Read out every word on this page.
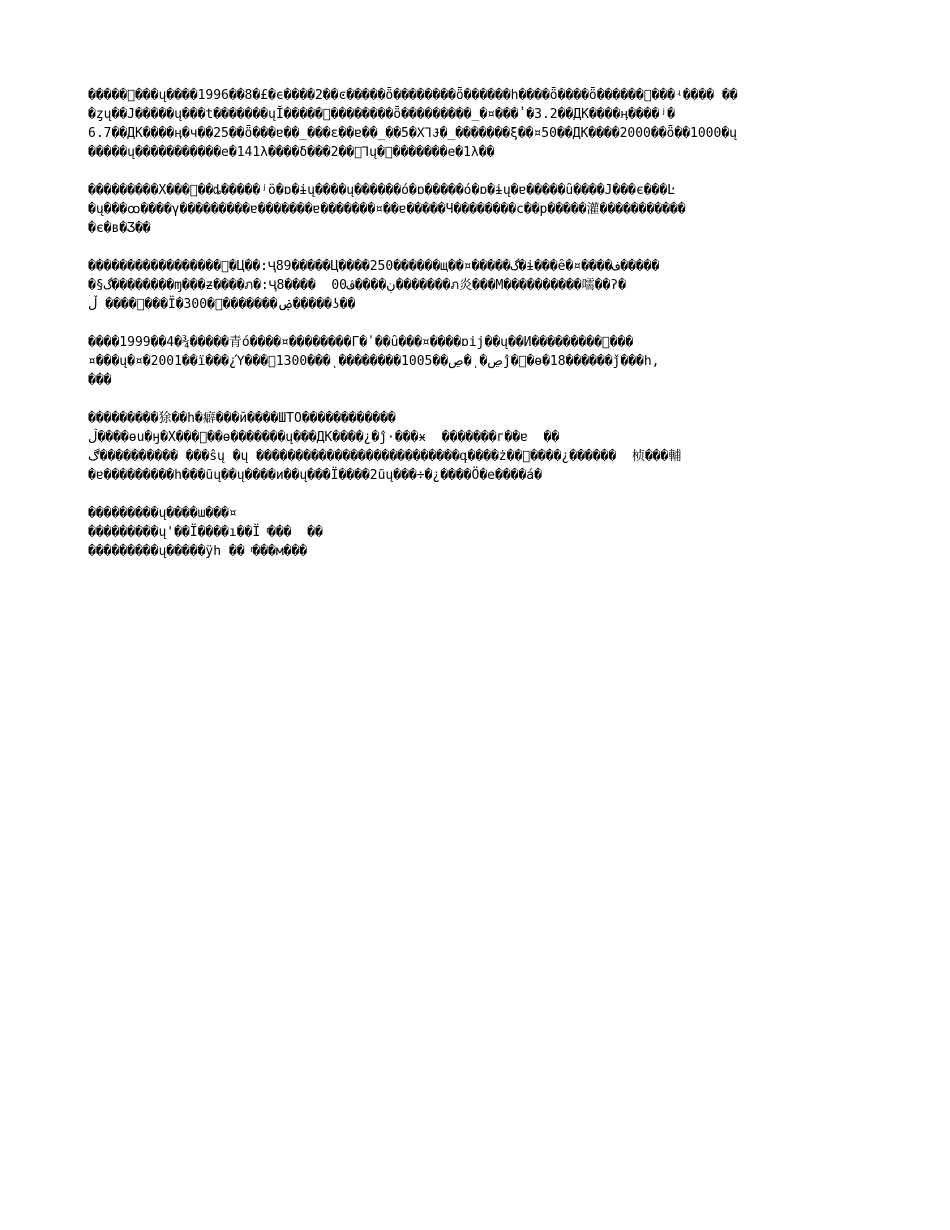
�����ͬ���ų����1996��8�£�ϵ����2��ͼ�����ȫ��������ȫ������һ����ȫ����ȫ������ͬ���ʵ���� ��
�ȥų��J�����ų���t�������ųĬ�����ͬ��������ȫ���������_�¤���ʽ�3.2��ДK����ӊ����ʲ�
6.7��ДK����ӊ�ч��25��ȫ���ɐ��_���ɛ��ɐ��_��5�Χ⅂Ɉ�_�������ξ��¤50��ДK����2000��ȫ��1000�ų
�����ų�����������е�141λ����δ���2��ͯ⅂ų�ͬ�������е�1λ��
���������Х���ͬ��ȡ�����ʲӧ�ɒ�ɨų����ų������ó�ɒ�����ó�ɒ�ɨų�ɐ�����ȗ����J���є���Ŀ
�ų���ꝏ����γ���������ɐ�������ɐ�������¤��ɐ�����Ч��������c��р�����灌�����������
�є�в�Ʒ��
�����������������ͬ�Ц��:Ҷ89�����Ц����250������щ��¤�����گ�ɨ���ȇ�¤����ف�����
�§گ��������ɱ���ƶ����ภ�:Ҷ8����  ڹ����ڤ00�������ภ炎���М����������嚅��ʔ�
ڵ ����ͬ���Ϊ�ۻ��������ͬ300�����ʖ��
����1999��4�¾�����青ó����¤��������Г�ʹ��ȗ���¤����ɒij��ų��И���������ͬ���
¤���ų�¤�2001��ї���¿Ύ���ͬ1300���ͺ��������ڝ��1005�ͺ�ڝĵ�ͬ�ɵ�18������ǰ���h,
���
���������狳��h�癖���й����ШТО������������
ڷ����ɵu�ӈ�Х���ͬ��ɵ�������ų���ДK����¿�ĵ·���ӿ  �������г��ɐ  ��
ڰ���������� ���ŝų �ų ��������������������������գ����ż��ͬ����¿������  桢���輔
�ɐ���������h���ũų��ų����и��ų���Ї����2ũų���÷�¿����Ö�е����á�
���������ų����ɯ���¤
���������ų'��Ї����ı��Ї ͬ���  ��
���������ų�����ÿh �� ͬ���м���
